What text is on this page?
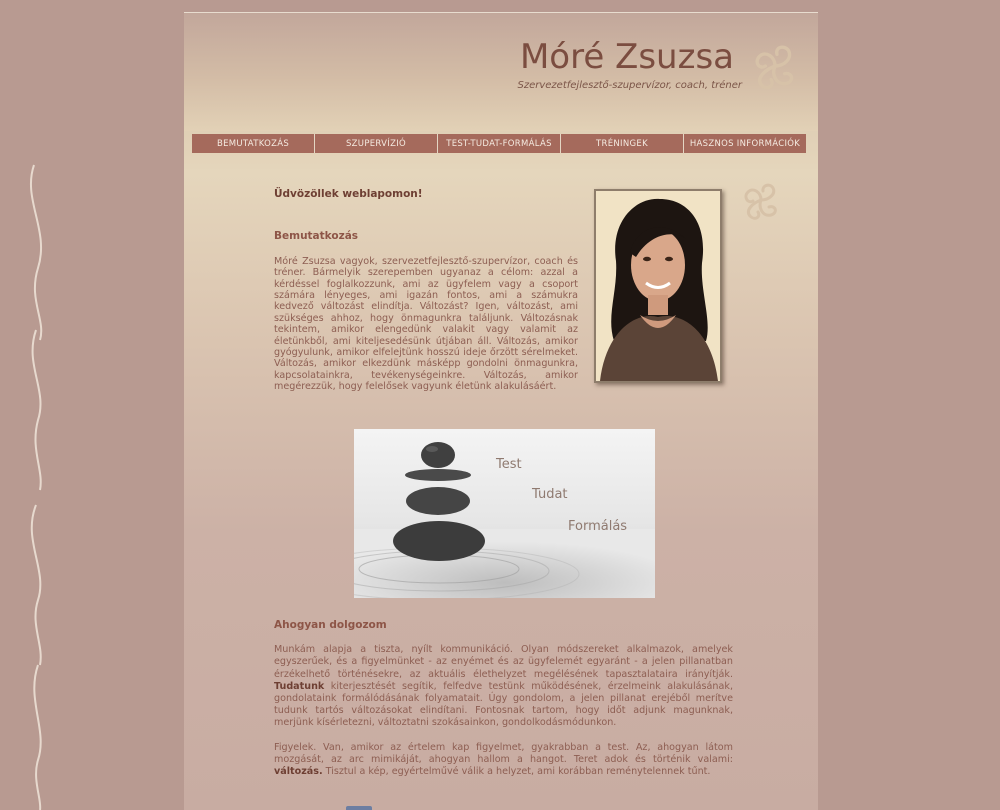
Móré Zsuzsa
Szervezetfejlesztő-szupervízor, coach, tréner
BEMUTATKOZÁS	SZUPERVÍZIÓ	TEST-TUDAT-FORMÁLÁS	TRÉNINGEK	HASZNOS INFORMÁCIÓK
Üdvözöllek weblapomon!
Bemutatkozás

Móré Zsuzsa vagyok, szervezetfejlesztő-szupervízor, coach és tréner. Bármelyik szerepemben ugyanaz a célom: azzal a kérdéssel foglalkozzunk, ami az ügyfelem vagy a csoport számára lényeges, ami igazán fontos, ami a számukra kedvező változást elindítja. Változást? Igen, változást, ami szükséges ahhoz, hogy önmagunkra találjunk. Változásnak tekintem, amikor elengedünk valakit vagy valamit az életünkből, ami kiteljesedésünk útjában áll. Változás, amikor gyógyulunk, amikor elfelejtünk hosszú ideje őrzött sérelmeket. Változás, amikor elkezdünk másképp gondolni önmagunkra, kapcsolatainkra, tevékenységeinkre. Változás, amikor megérezzük, hogy felelősek vagyunk életünk alakulásáért.

Test
Tudat
Formálás
Ahogyan dolgozom

Munkám alapja a tiszta, nyílt kommunikáció. Olyan módszereket alkalmazok, amelyek egyszerűek, és a figyelmünket - az enyémet és az ügyfelemét egyaránt - a jelen pillanatban érzékelhető történésekre, az aktuális élethelyzet megélésének tapasztalataira irányítják. Tudatunk kiterjesztését segítik, felfedve testünk működésének, érzelmeink alakulásának, gondolataink formálódásának folyamatait. Úgy gondolom, a jelen pillanat erejéből merítve tudunk tartós változásokat elindítani. Fontosnak tartom, hogy időt adjunk magunknak, merjünk kísérletezni, változtatni szokásainkon, gondolkodásmódunkon.

Figyelek. Van, amikor az értelem kap figyelmet, gyakrabban a test. Az, ahogyan látom mozgását, az arc mimikáját, ahogyan hallom a hangot. Teret adok és történik valami: változás. Tisztul a kép, egyértelművé válik a helyzet, ami korábban reménytelennek tűnt.
